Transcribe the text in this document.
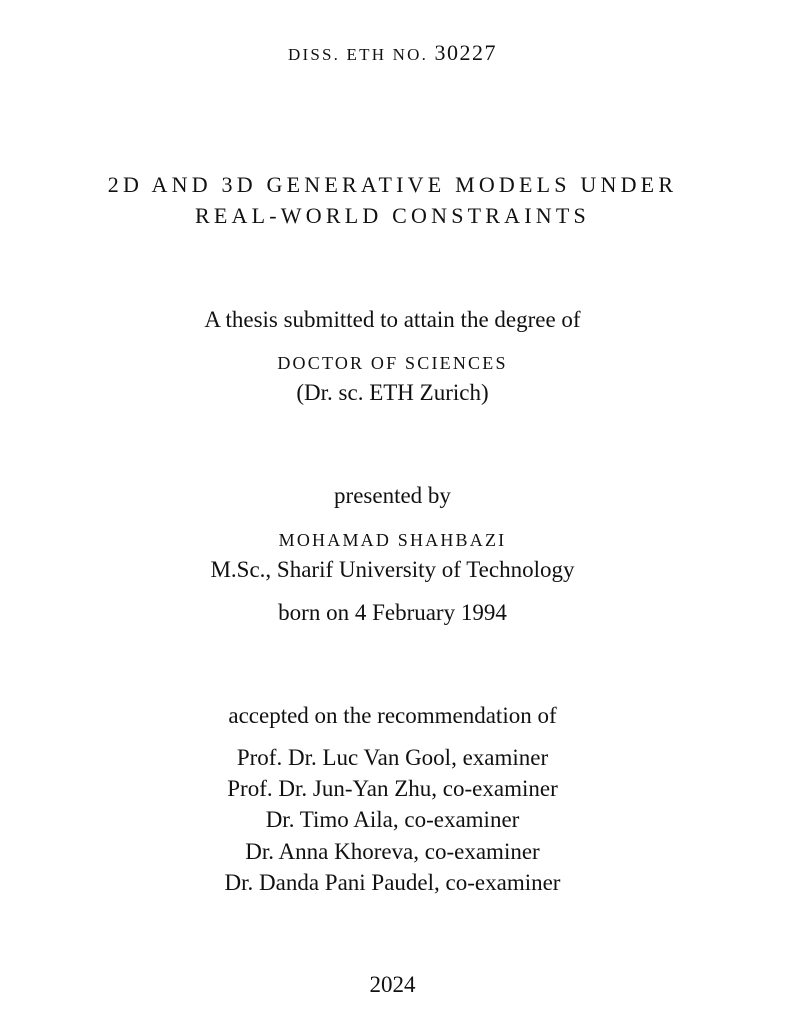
DISS. ETH NO. 30227
2D AND 3D GENERATIVE MODELS UNDER
REAL-WORLD CONSTRAINTS
A thesis submitted to attain the degree of
DOCTOR OF SCIENCES
(Dr. sc. ETH Zurich)
presented by
MOHAMAD SHAHBAZI
M.Sc., Sharif University of Technology
born on 4 February 1994
accepted on the recommendation of
Prof. Dr. Luc Van Gool, examiner
Prof. Dr. Jun-Yan Zhu, co-examiner
Dr. Timo Aila, co-examiner
Dr. Anna Khoreva, co-examiner
Dr. Danda Pani Paudel, co-examiner
2024
